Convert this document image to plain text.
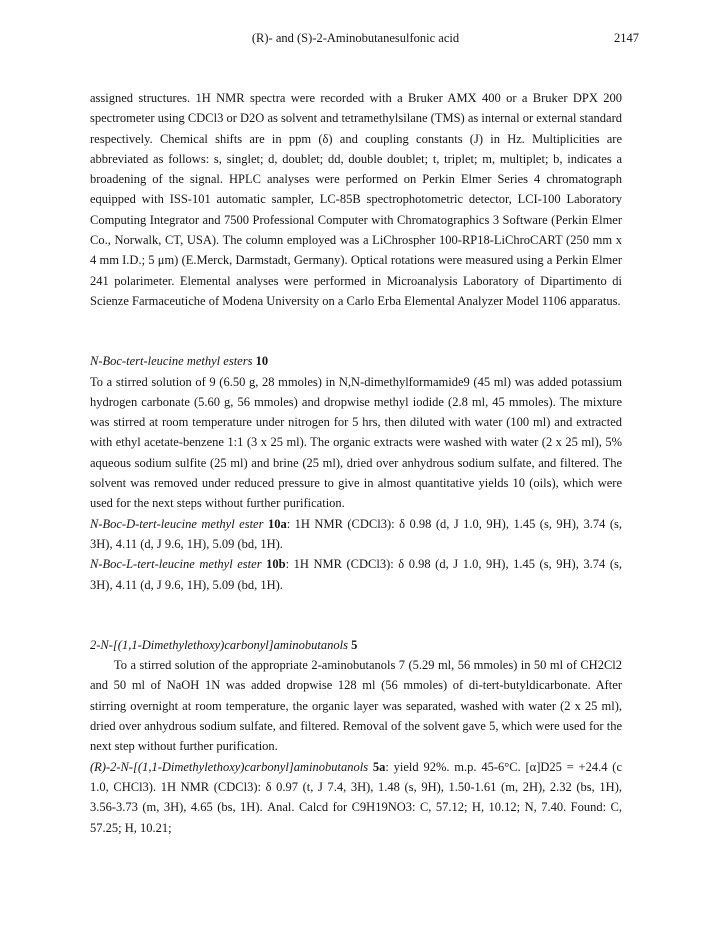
(R)- and (S)-2-Aminobutanesulfonic acid	2147

assigned structures. 1H NMR spectra were recorded with a Bruker AMX 400 or a Bruker DPX 200 spectrometer using CDCl3 or D2O as solvent and tetramethylsilane (TMS) as internal or external standard respectively. Chemical shifts are in ppm (δ) and coupling constants (J) in Hz. Multiplicities are abbreviated as follows: s, singlet; d, doublet; dd, double doublet; t, triplet; m, multiplet; b, indicates a broadening of the signal. HPLC analyses were performed on Perkin Elmer Series 4 chromatograph equipped with ISS-101 automatic sampler, LC-85B spectrophotometric detector, LCI-100 Laboratory Computing Integrator and 7500 Professional Computer with Chromatographics 3 Software (Perkin Elmer Co., Norwalk, CT, USA). The column employed was a LiChrospher 100-RP18-LiChroCART (250 mm x 4 mm I.D.; 5 μm) (E.Merck, Darmstadt, Germany). Optical rotations were measured using a Perkin Elmer 241 polarimeter. Elemental analyses were performed in Microanalysis Laboratory of Dipartimento di Scienze Farmaceutiche of Modena University on a Carlo Erba Elemental Analyzer Model 1106 apparatus.

N-Boc-tert-leucine methyl esters 10

To a stirred solution of 9 (6.50 g, 28 mmoles) in N,N-dimethylformamide9 (45 ml) was added potassium hydrogen carbonate (5.60 g, 56 mmoles) and dropwise methyl iodide (2.8 ml, 45 mmoles). The mixture was stirred at room temperature under nitrogen for 5 hrs, then diluted with water (100 ml) and extracted with ethyl acetate-benzene 1:1 (3 x 25 ml). The organic extracts were washed with water (2 x 25 ml), 5% aqueous sodium sulfite (25 ml) and brine (25 ml), dried over anhydrous sodium sulfate, and filtered. The solvent was removed under reduced pressure to give in almost quantitative yields 10 (oils), which were used for the next steps without further purification.

N-Boc-D-tert-leucine methyl ester 10a: 1H NMR (CDCl3): δ 0.98 (d, J 1.0, 9H), 1.45 (s, 9H), 3.74 (s, 3H), 4.11 (d, J 9.6, 1H), 5.09 (bd, 1H).

N-Boc-L-tert-leucine methyl ester 10b: 1H NMR (CDCl3): δ 0.98 (d, J 1.0, 9H), 1.45 (s, 9H), 3.74 (s, 3H), 4.11 (d, J 9.6, 1H), 5.09 (bd, 1H).

2-N-[(1,1-Dimethylethoxy)carbonyl]aminobutanols 5

To a stirred solution of the appropriate 2-aminobutanols 7 (5.29 ml, 56 mmoles) in 50 ml of CH2Cl2 and 50 ml of NaOH 1N was added dropwise 128 ml (56 mmoles) of di-tert-butyldicarbonate. After stirring overnight at room temperature, the organic layer was separated, washed with water (2 x 25 ml), dried over anhydrous sodium sulfate, and filtered. Removal of the solvent gave 5, which were used for the next step without further purification.

(R)-2-N-[(1,1-Dimethylethoxy)carbonyl]aminobutanols 5a: yield 92%. m.p. 45-6°C. [α]D25 = +24.4 (c 1.0, CHCl3). 1H NMR (CDCl3): δ 0.97 (t, J 7.4, 3H), 1.48 (s, 9H), 1.50-1.61 (m, 2H), 2.32 (bs, 1H), 3.56-3.73 (m, 3H), 4.65 (bs, 1H). Anal. Calcd for C9H19NO3: C, 57.12; H, 10.12; N, 7.40. Found: C, 57.25; H, 10.21;
